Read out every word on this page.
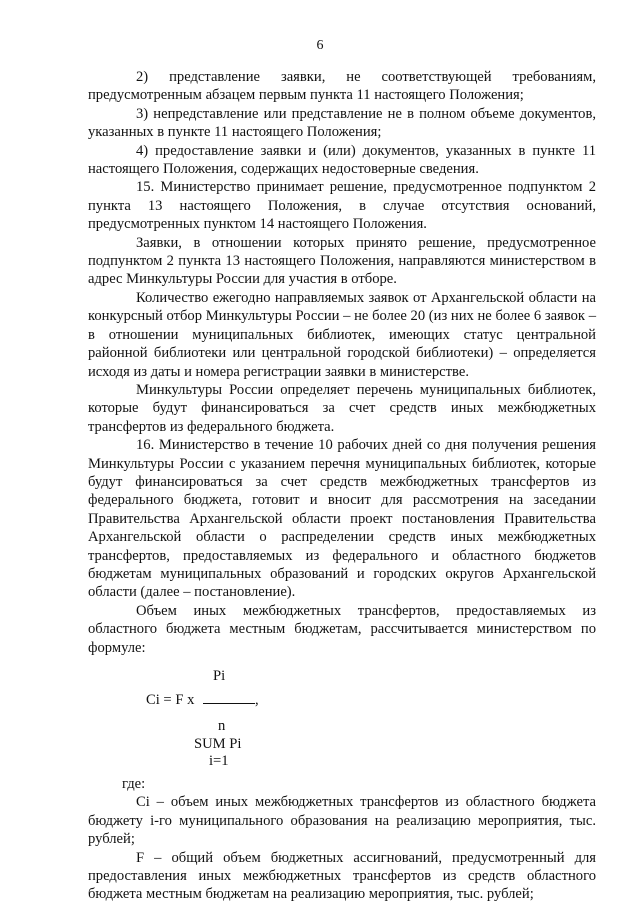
6

2) представление заявки, не соответствующей требованиям, предусмотренным абзацем первым пункта 11 настоящего Положения;

3) непредставление или представление не в полном объеме документов, указанных в пункте 11 настоящего Положения;

4) предоставление заявки и (или) документов, указанных в пункте 11 настоящего Положения, содержащих недостоверные сведения.

15. Министерство принимает решение, предусмотренное подпунктом 2 пункта 13 настоящего Положения, в случае отсутствия оснований, предусмотренных пунктом 14 настоящего Положения.

Заявки, в отношении которых принято решение, предусмотренное подпунктом 2 пункта 13 настоящего Положения, направляются министерством в адрес Минкультуры России для участия в отборе.

Количество ежегодно направляемых заявок от Архангельской области на конкурсный отбор Минкультуры России – не более 20 (из них не более 6 заявок – в отношении муниципальных библиотек, имеющих статус центральной районной библиотеки или центральной городской библиотеки) – определяется исходя из даты и номера регистрации заявки в министерстве.

Минкультуры России определяет перечень муниципальных библиотек, которые будут финансироваться за счет средств иных межбюджетных трансфертов из федерального бюджета.

16. Министерство в течение 10 рабочих дней со дня получения решения Минкультуры России с указанием перечня муниципальных библиотек, которые будут финансироваться за счет средств межбюджетных трансфертов из федерального бюджета, готовит и вносит для рассмотрения на заседании Правительства Архангельской области проект постановления Правительства Архангельской области о распределении средств иных межбюджетных трансфертов, предоставляемых из федерального и областного бюджетов бюджетам муниципальных образований и городских округов Архангельской области (далее – постановление).

Объем иных межбюджетных трансфертов, предоставляемых из областного бюджета местным бюджетам, рассчитывается министерством по формуле:

Pi
Ci = F x	,
n
SUM Pi
i=1

где:

Ci – объем иных межбюджетных трансфертов из областного бюджета бюджету i-го муниципального образования на реализацию мероприятия, тыс. рублей;

F – общий объем бюджетных ассигнований, предусмотренный для предоставления иных межбюджетных трансфертов из средств областного бюджета местным бюджетам на реализацию мероприятия, тыс. рублей;
